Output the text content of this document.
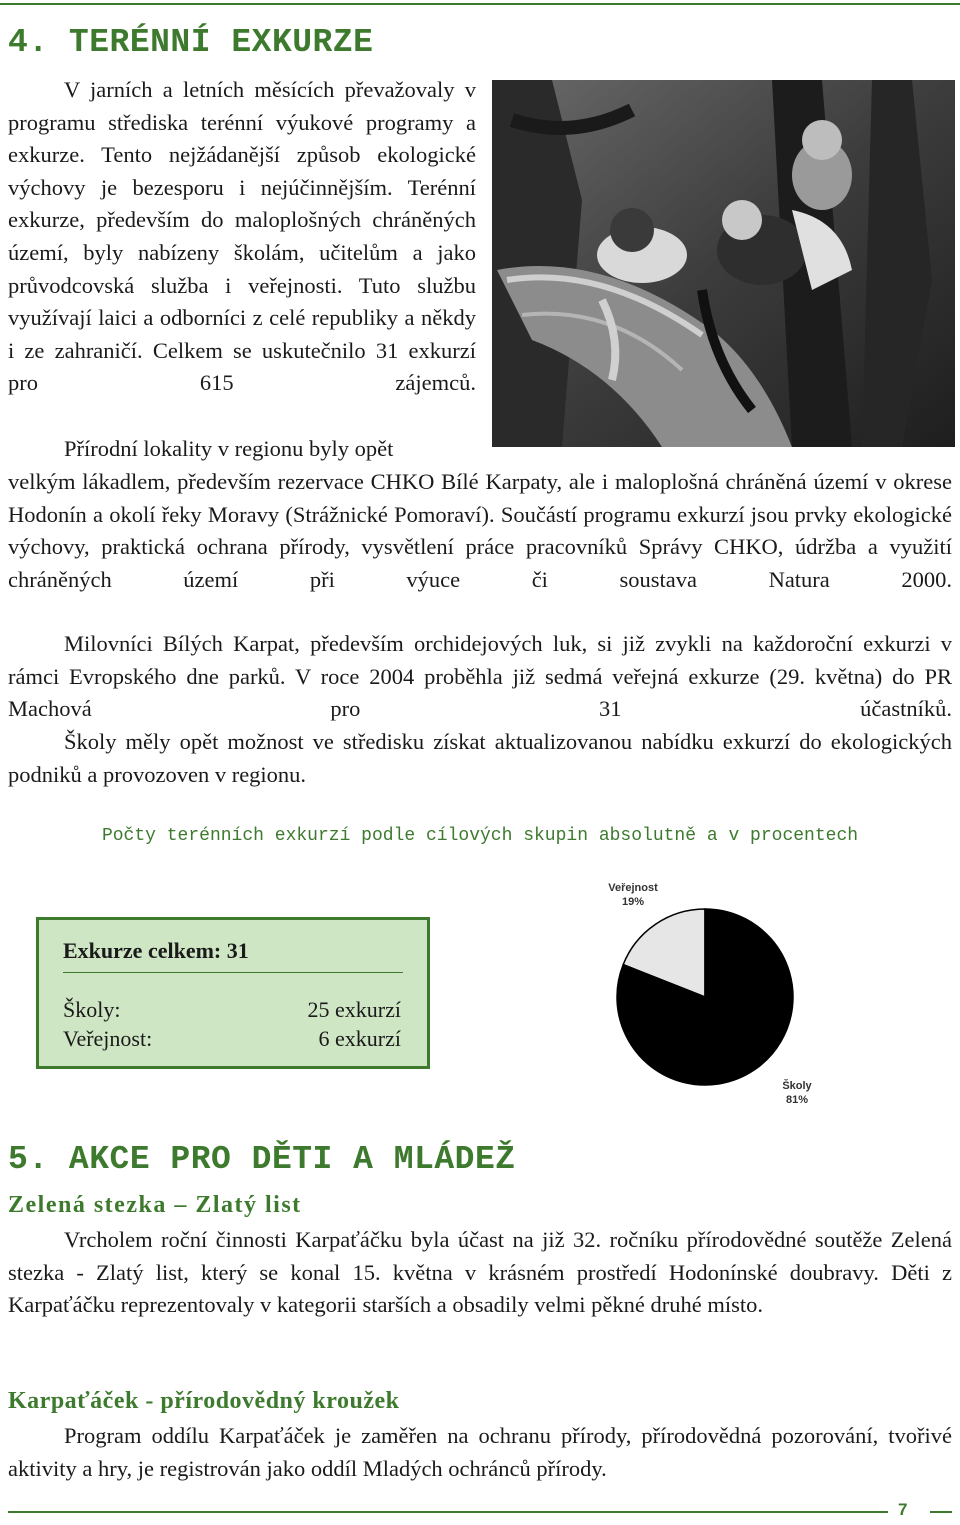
4. TERÉNNÍ EXKURZE

V jarních a letních měsících převažovaly v programu střediska terénní výukové programy a exkurze. Tento nejžádanější způsob ekologické výchovy je bezesporu i nejúčinnějším. Terénní exkurze, především do maloplošných chráněných území, byly nabízeny školám, učitelům a jako průvodcovská služba i veřejnosti. Tuto službu využívají laici a odborníci z celé republiky a někdy i ze zahraničí. Celkem se uskutečnilo 31 exkurzí pro 615 zájemců.

Přírodní lokality v regionu byly opět

velkým lákadlem, především rezervace CHKO Bílé Karpaty, ale i maloplošná chráněná území v okrese Hodonín a okolí řeky Moravy (Strážnické Pomoraví). Součástí programu exkurzí jsou prvky ekologické výchovy, praktická ochrana přírody, vysvětlení práce pracovníků Správy CHKO, údržba a využití chráněných území při výuce či soustava Natura 2000.

Milovníci Bílých Karpat, především orchidejových luk, si již zvykli na každoroční exkurzi v rámci Evropského dne parků. V roce 2004 proběhla již sedmá veřejná exkurze (29. května) do PR Machová pro 31 účastníků.

Školy měly opět možnost ve středisku získat aktualizovanou nabídku exkurzí do ekologických podniků a provozoven v regionu.

Počty terénních exkurzí podle cílových skupin absolutně a v procentech
Exkurze celkem: 31
Školy:	25 exkurzí
Veřejnost:	6 exkurzí
Školy
81%
Veřejnost
19%
5. AKCE PRO DĚTI A MLÁDEŽ
Zelená stezka – Zlatý list

Vrcholem roční činnosti Karpaťáčku byla účast na již 32. ročníku přírodovědné soutěže Zelená stezka - Zlatý list, který se konal 15. května v krásném prostředí Hodonínské doubravy. Děti z Karpaťáčku reprezentovaly v kategorii starších a obsadily velmi pěkné druhé místo.

Karpaťáček - přírodovědný kroužek

Program oddílu Karpaťáček je zaměřen na ochranu přírody, přírodovědná pozorování, tvořivé aktivity a hry, je registrován jako oddíl Mladých ochránců přírody.

7
